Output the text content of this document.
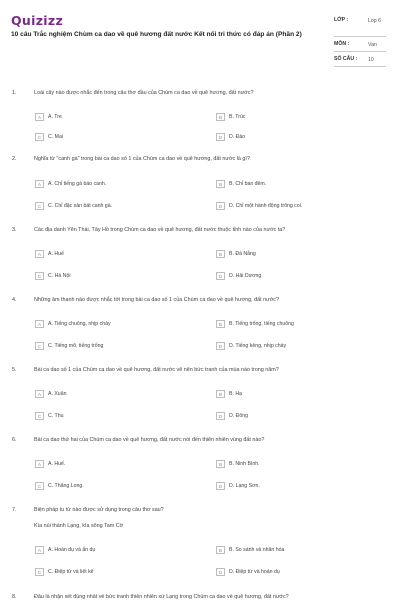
Quizizz
10 câu Trắc nghiệm Chùm ca dao về quê hương đất nước Kết nối tri thức có đáp án (Phần 2)
LỚP :	Lop 6
MÔN :	Van
SỐ CÂU : 10
1.	Loài cây nào được nhắc đến trong câu thơ đầu của Chùm ca dao về quê hương, đất nước?
A	A. Tre	B	B. Trúc
C	C. Mai	D	D. Đào
2.	Nghĩa từ "canh gà" trong bài ca dao số 1 của Chùm ca dao về quê hương, đất nước là gì?
A	A. Chỉ tiếng gà báo canh.	B	B. Chỉ ban đêm.
C	C. Chỉ đặc sản bát canh gà.	D	D. Chỉ một hành động trông coi.
3.	Các địa danh Yên Thái, Tây Hồ trong Chùm ca dao về quê hương, đất nước thuộc tỉnh nào của nước ta?
A	A. Huế	B	B. Đà Nẵng
C	C. Hà Nội	D	D. Hải Dương
4.	Những âm thanh nào được nhắc tới trong bài ca dao số 1 của Chùm ca dao về quê hương, đất nước?
A	A. Tiếng chuông, nhịp chày	B	B. Tiếng trống, tiếng chuông
C	C. Tiếng mõ, tiếng trống	D	D. Tiếng kẻng, nhịp chày
5.	Bài ca dao số 1 của Chùm ca dao về quê hương, đất nước vẽ nên bức tranh của mùa nào trong năm?
A	A. Xuân	B	B. Hạ
C	C. Thu	D	D. Đông
6.	Bài ca dao thứ hai của Chùm ca dao về quê hương, đất nước nói đến thiên nhiên vùng đất nào?
A	A. Huế.	B	B. Ninh Bình.
C	C. Thăng Long.	D	D. Lạng Sơn.
7.	Biện pháp tu từ nào được sử dụng trong câu thơ sau?
Kìa núi thành Lạng, kìa sông Tam Cờ
A	A. Hoán dụ và ẩn dụ	B	B. So sánh và nhân hóa
C	C. Điệp từ và liệt kê	D	D. Điệp từ và hoán dụ
8.	Đâu là nhận xét đúng nhất về bức tranh thiên nhiên xứ Lạng trong Chùm ca dao về quê hương, đất nước?
